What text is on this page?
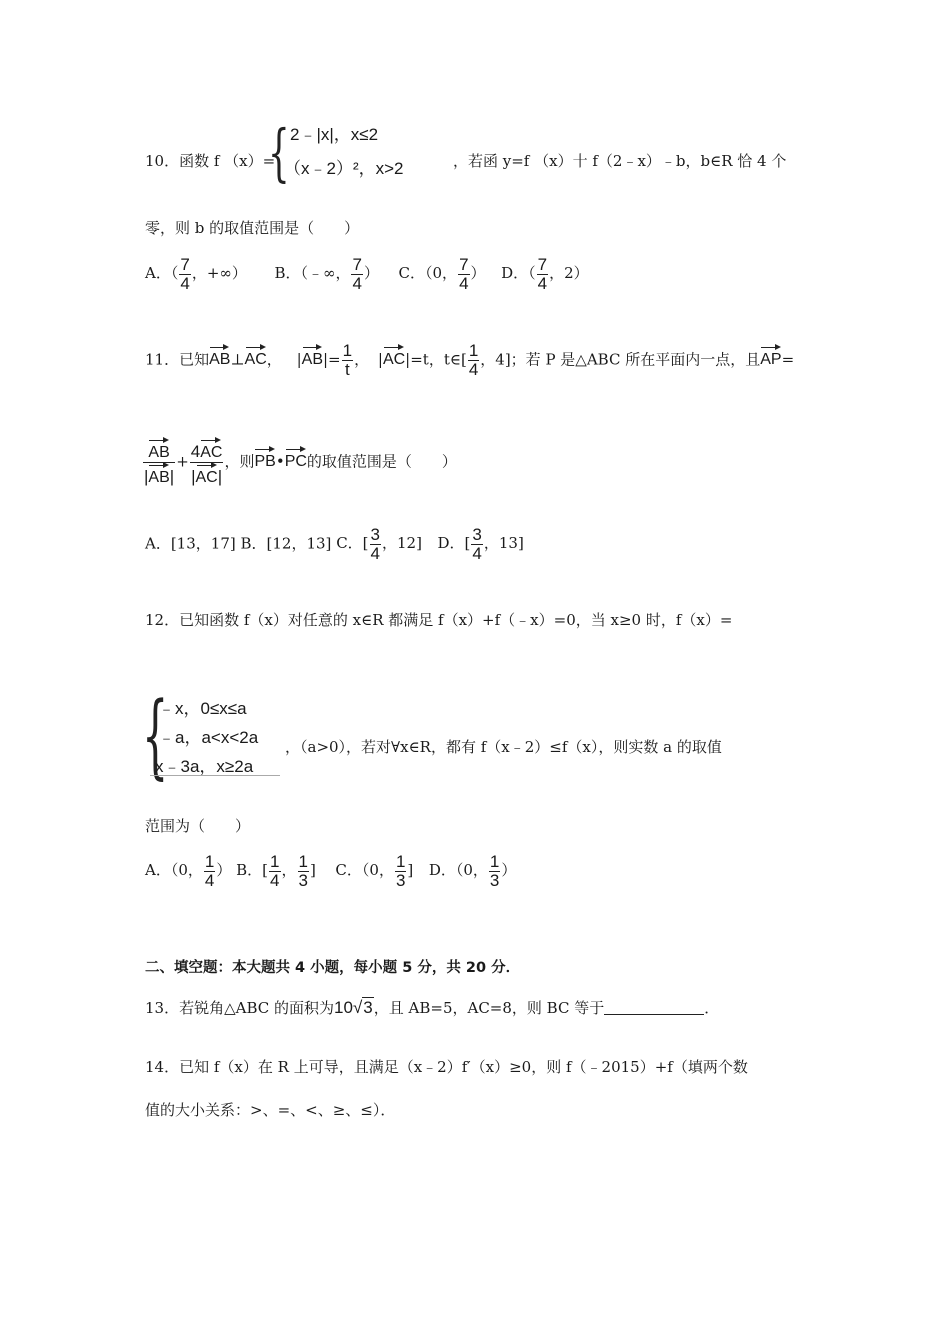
{ 2﹣|x|，x≤2
（x﹣2）²，x>2
10．函数 f （x）=	，若函 y=f （x）十 f（2﹣x）﹣b，b∈R 恰 4 个
零，则 b 的取值范围是（　　）
A．（ $\frac{7}{4}$ ，+∞） B．（﹣∞， $\frac{7}{4}$ ） C．（0， $\frac{7}{4}$ ） D．（ $\frac{7}{4}$ ，2）
11．已知AB⊥AC， $|AB|= \frac{1}{t}$ ， |AC|=t，t∈[ $\frac{1}{4}$ ，4]；若 P 是△ABC 所在平面内一点，且AP=
$\frac{AB}{|AB|} + \frac{4AC}{|AC|}$ ，则PB•PC的取值范围是（　　）
A．[13，17] B．[12，13] C．[ $\frac{3}{4}$ ，12] D．[ $\frac{3}{4}$ ，13]
12．已知函数 f（x）对任意的 x∈R 都满足 f（x）+f（﹣x）=0，当 x≥0 时，f（x）=
{
﹣x，0≤x≤a
﹣a，a<x<2a
x﹣3a，x≥2a
，（a>0），若对∀x∈R，都有 f（x﹣2）≤f（x），则实数 a 的取值
范围为（　　）
A．（0， $\frac{1}{4}$ ） B．[ $\frac{1}{4}$ ， $\frac{1}{3}$ ] C．（0， $\frac{1}{3}$ ] D．（0， $\frac{1}{3}$ ）
二、填空题：本大题共 4 小题，每小题 5 分，共 20 分．
13．若锐角△ABC 的面积为10√3，且 AB=5，AC=8，则 BC 等于	．
14．已知 f（x）在 R 上可导，且满足（x﹣2）f′（x）≥0，则 f（﹣2015）+f（填两个数
值的大小关系：>、=、<、≥、≤）．
